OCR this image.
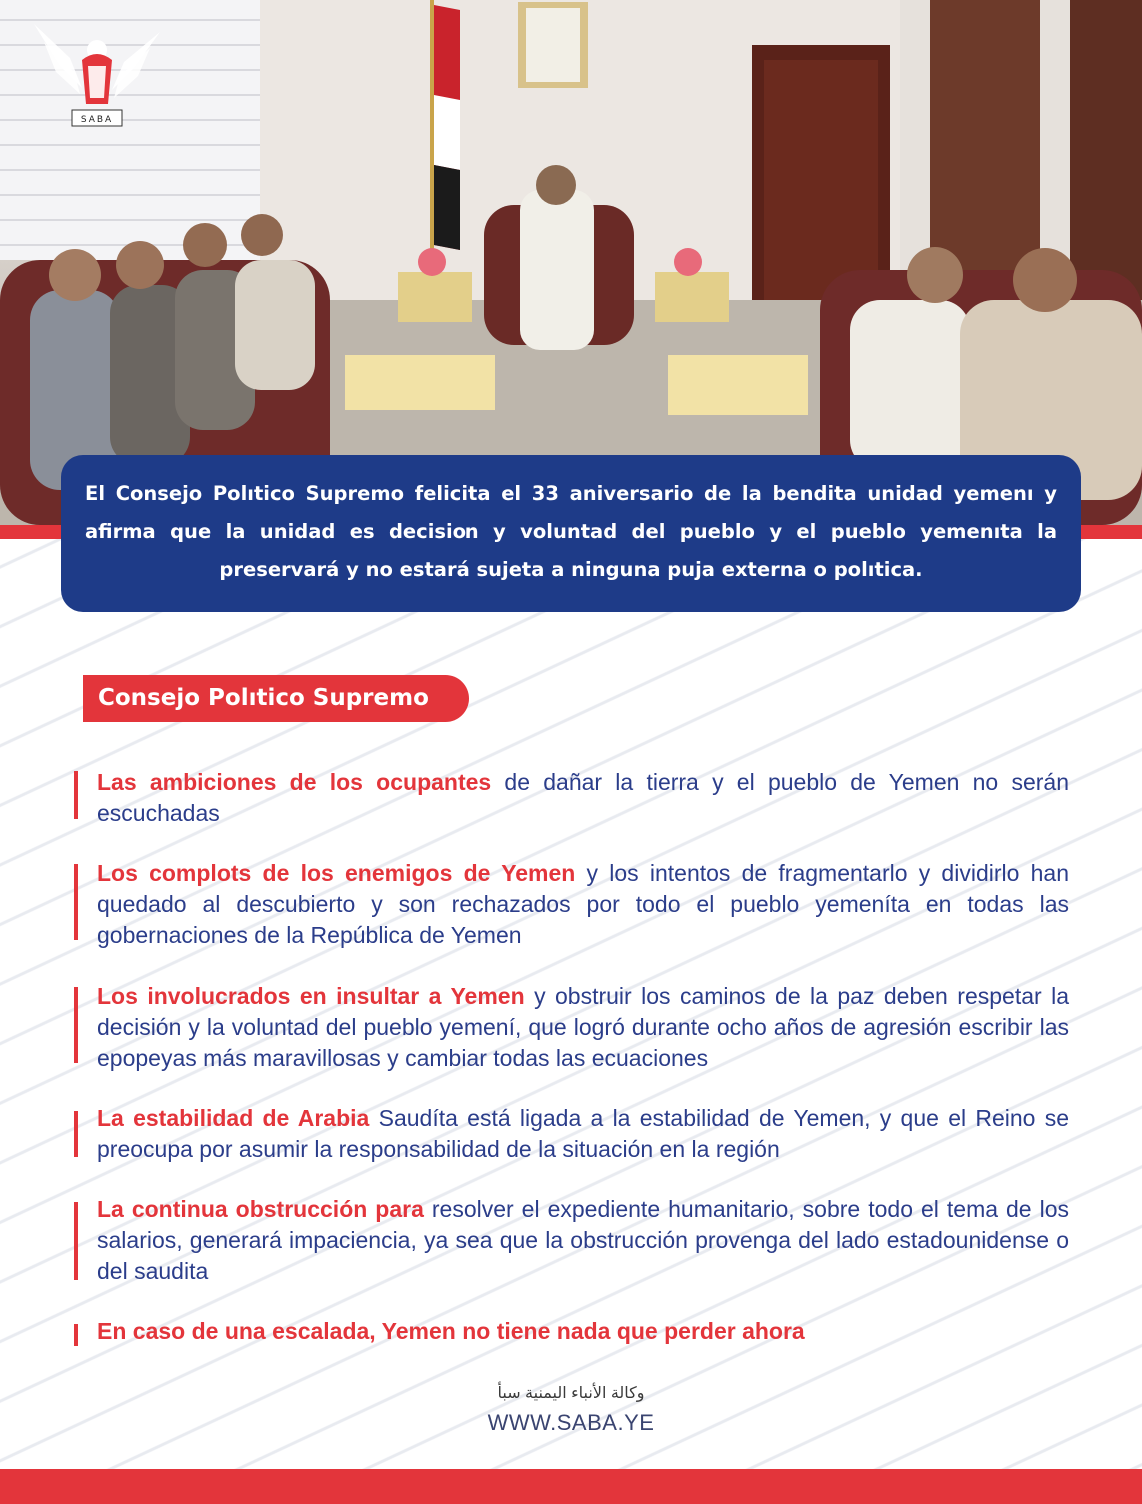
SABA
El Consejo Polıtico Supremo felicita el 33 aniversario de la bendita unidad yemenı y afirma que la unidad es decisiօn y voluntad del pueblo y el pueblo yemenıta la preservará y no estará sujeta a ninguna puja externa o polıtica.
Consejo Polıtico Supremo

Las ambiciones de los ocupantes de dañar la tierra y el pueblo de Yemen no serán escuchadas

Los complots de los enemigos de Yemen y los intentos de fragmentarlo y dividirlo han quedado al descubierto y son rechazados por todo el pueblo yemeníta en todas las gobernaciones de la República de Yemen

Los involucrados en insultar a Yemen y obstruir los caminos de la paz deben respetar la decisión y la voluntad del pueblo yemení, que logró durante ocho años de agresión escribir las epopeyas más maravillosas y cambiar todas las ecuaciones

La estabilidad de Arabia Saudíta está ligada a la estabilidad de Yemen, y que el Reino se preocupa por asumir la responsabilidad de la situación en la región

La continua obstrucción para resolver el expediente humanitario, sobre todo el tema de los salarios, generará impaciencia, ya sea que la obstrucción provenga del lado estadounidense o del saudita

En caso de una escalada, Yemen no tiene nada que perder ahora

وكالة الأنباء اليمنية سبأ
WWW.SABA.YE
